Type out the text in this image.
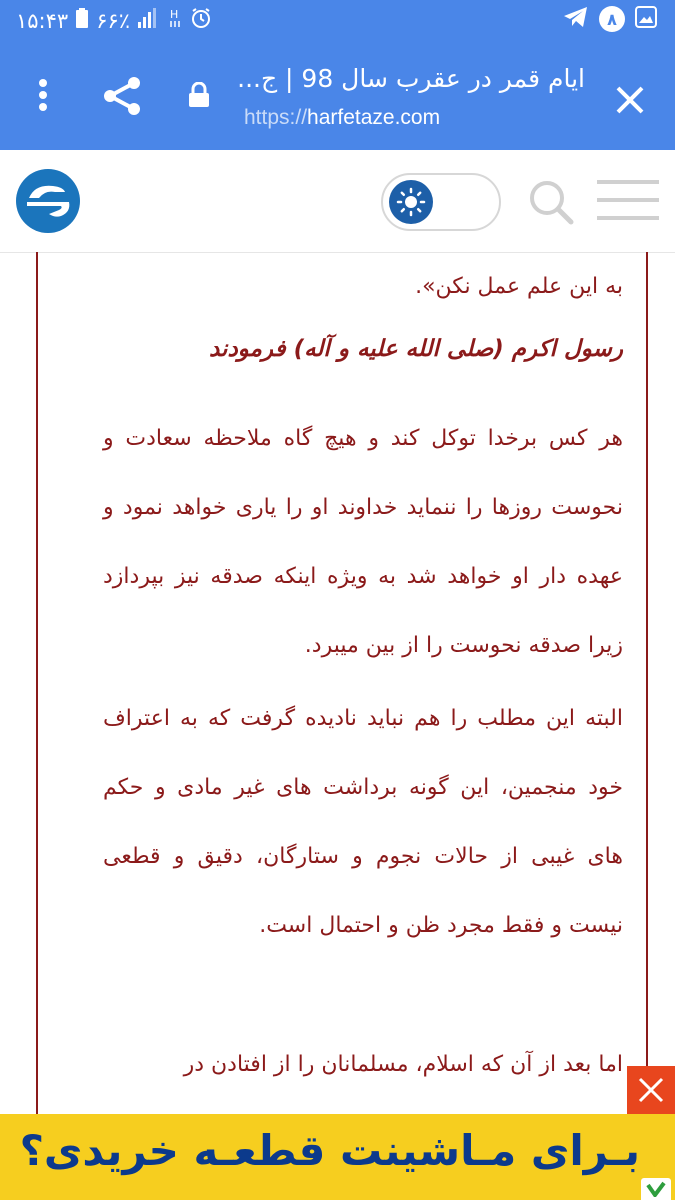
۱۵:۴۳ ۶۶٪	H	۸
ایام قمر در عقرب سال 98 | ج...
https://harfetaze.com
به این علم عمل نکن».
رسول اکرم (صلی الله علیه و آله) فرمودند
هر کس برخدا توکل کند و هیچ گاه ملاحظه سعادت و نحوست روزها را ننماید خداوند او را یاری خواهد نمود و عهده دار او خواهد شد به ویژه اینکه صدقه نیز بپردازد زیرا صدقه نحوست را از بین میبرد.
البته این مطلب را هم نباید نادیده گرفت که به اعتراف خود منجمین، این گونه برداشت های غیر مادی و حکم های غیبی از حالات نجوم و ستارگان، دقیق و قطعی نیست و فقط مجرد ظن و احتمال است.
اما بعد از آن که اسلام، مسلمانان را از افتادن در
بـرای مـاشینت قطعـه خریدی؟
